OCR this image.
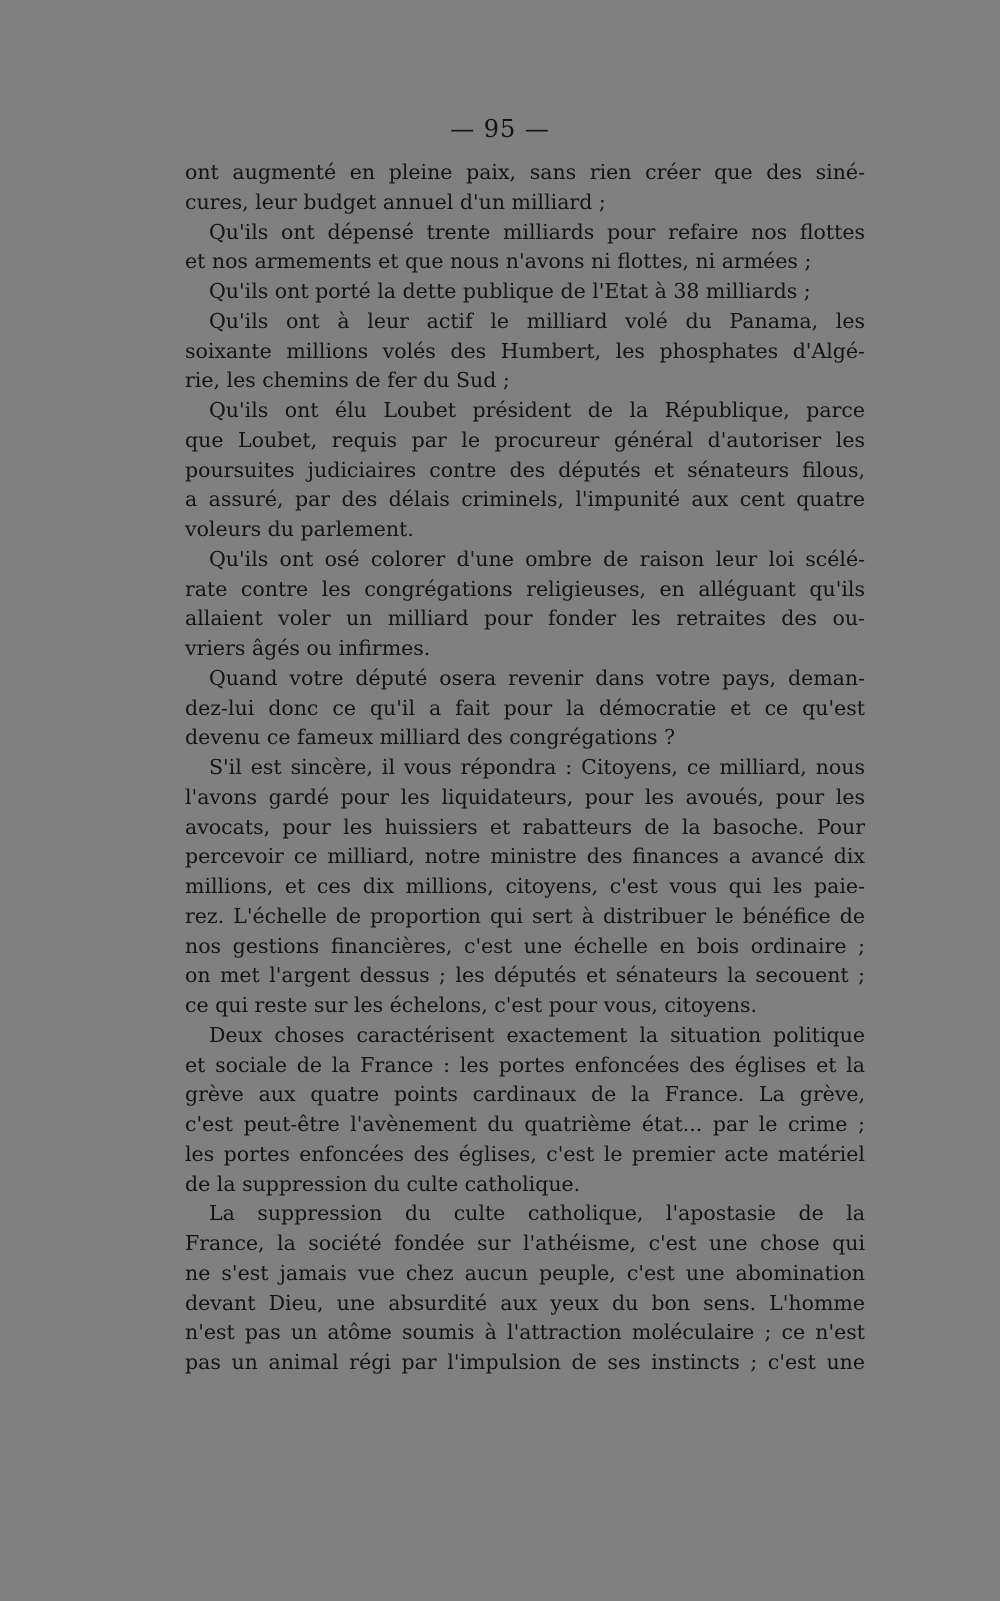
— 95 —
ont augmenté en pleine paix, sans rien créer que des siné-
cures, leur budget annuel d'un milliard ;
Qu'ils ont dépensé trente milliards pour refaire nos flottes
et nos armements et que nous n'avons ni flottes, ni armées ;
Qu'ils ont porté la dette publique de l'Etat à 38 milliards ;
Qu'ils ont à leur actif le milliard volé du Panama, les
soixante millions volés des Humbert, les phosphates d'Algé-
rie, les chemins de fer du Sud ;
Qu'ils ont élu Loubet président de la République, parce
que Loubet, requis par le procureur général d'autoriser les
poursuites judiciaires contre des députés et sénateurs filous,
a assuré, par des délais criminels, l'impunité aux cent quatre
voleurs du parlement.
Qu'ils ont osé colorer d'une ombre de raison leur loi scélé-
rate contre les congrégations religieuses, en alléguant qu'ils
allaient voler un milliard pour fonder les retraites des ou-
vriers âgés ou infirmes.
Quand votre député osera revenir dans votre pays, deman-
dez-lui donc ce qu'il a fait pour la démocratie et ce qu'est
devenu ce fameux milliard des congrégations ?
S'il est sincère, il vous répondra : Citoyens, ce milliard, nous
l'avons gardé pour les liquidateurs, pour les avoués, pour les
avocats, pour les huissiers et rabatteurs de la basoche. Pour
percevoir ce milliard, notre ministre des finances a avancé dix
millions, et ces dix millions, citoyens, c'est vous qui les paie-
rez. L'échelle de proportion qui sert à distribuer le bénéfice de
nos gestions financières, c'est une échelle en bois ordinaire ;
on met l'argent dessus ; les députés et sénateurs la secouent ;
ce qui reste sur les échelons, c'est pour vous, citoyens.
Deux choses caractérisent exactement la situation politique
et sociale de la France : les portes enfoncées des églises et la
grève aux quatre points cardinaux de la France. La grève,
c'est peut-être l'avènement du quatrième état... par le crime ;
les portes enfoncées des églises, c'est le premier acte matériel
de la suppression du culte catholique.
La suppression du culte catholique, l'apostasie de la
France, la société fondée sur l'athéisme, c'est une chose qui
ne s'est jamais vue chez aucun peuple, c'est une abomination
devant Dieu, une absurdité aux yeux du bon sens. L'homme
n'est pas un atôme soumis à l'attraction moléculaire ; ce n'est
pas un animal régi par l'impulsion de ses instincts ; c'est une
